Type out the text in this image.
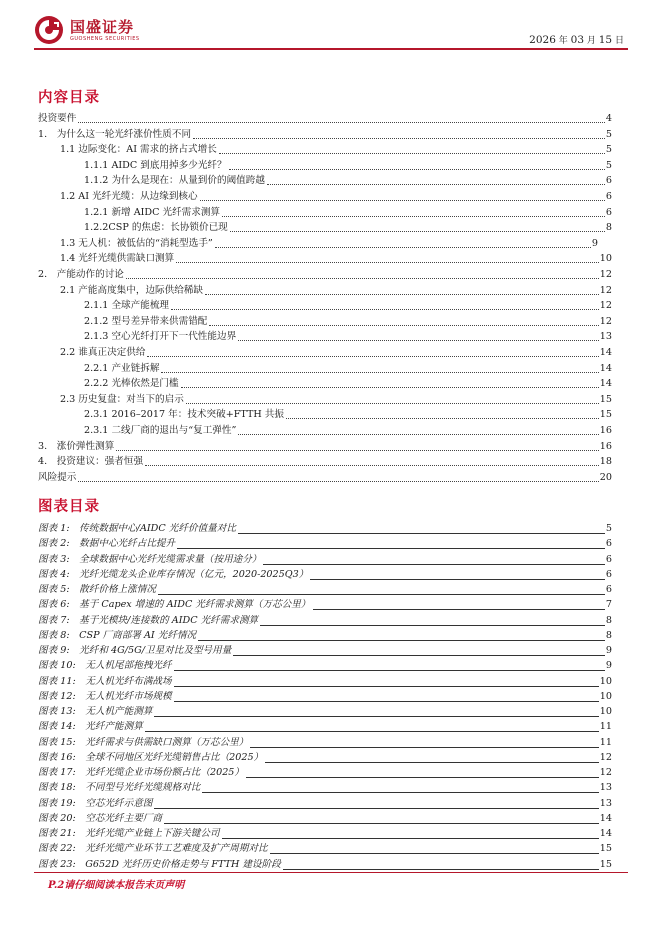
国盛证券
GUOSHENG SECURITIES	2026 年 03 月 15 日
内容目录
投资要件	4
1.　为什么这一轮光纤涨价性质不同	5
1.1 边际变化：AI 需求的挤占式增长	5
1.1.1 AIDC 到底用掉多少光纤？	5
1.1.2 为什么是现在：从量到价的阈值跨越	6
1.2 AI 光纤光缆：从边缘到核心	6
1.2.1 新增 AIDC 光纤需求测算	6
1.2.2CSP 的焦虑：长协锁价已现	8
1.3 无人机：被低估的“消耗型选手”	9
1.4 光纤光缆供需缺口测算	10
2.　产能动作的讨论	12
2.1 产能高度集中，边际供给稀缺	12
2.1.1 全球产能梳理	12
2.1.2 型号差异带来供需错配	12
2.1.3 空心光纤打开下一代性能边界	13
2.2 谁真正决定供给	14
2.2.1 产业链拆解	14
2.2.2 光棒依然是门槛	14
2.3 历史复盘：对当下的启示	15
2.3.1 2016–2017 年：技术突破+FTTH 共振	15
2.3.1 二线厂商的退出与“复工弹性”	16
3.　涨价弹性测算	16
4.　投资建议：强者恒强	18
风险提示	20
图表目录
图表 1:　传统数据中心/AIDC 光纤价值量对比	5
图表 2:　数据中心光纤占比提升	6
图表 3:　全球数据中心光纤光缆需求量（按用途分）	6
图表 4:　光纤光缆龙头企业库存情况（亿元，2020-2025Q3）	6
图表 5:　散纤价格上涨情况	6
图表 6:　基于 Capex 增速的 AIDC 光纤需求测算（万芯公里）	7
图表 7:　基于光模块/连接数的 AIDC 光纤需求测算	8
图表 8:　CSP 厂商部署 AI 光纤情况	8
图表 9:　光纤和 4G/5G/卫星对比及型号用量	9
图表 10:　无人机尾部拖拽光纤	9
图表 11:　无人机光纤布满战场	10
图表 12:　无人机光纤市场规模	10
图表 13:　无人机产能测算	10
图表 14:　光纤产能测算	11
图表 15:　光纤需求与供需缺口测算（万芯公里）	11
图表 16:　全球不同地区光纤光缆销售占比（2025）	12
图表 17:　光纤光缆企业市场份额占比（2025）	12
图表 18:　不同型号光纤光缆规格对比	13
图表 19:　空芯光纤示意图	13
图表 20:　空芯光纤主要厂商	14
图表 21:　光纤光缆产业链上下游关键公司	14
图表 22:　光纤光缆产业环节工艺难度及扩产周期对比	15
图表 23:　G652D 光纤历史价格走势与 FTTH 建设阶段	15
P.2请仔细阅读本报告末页声明
